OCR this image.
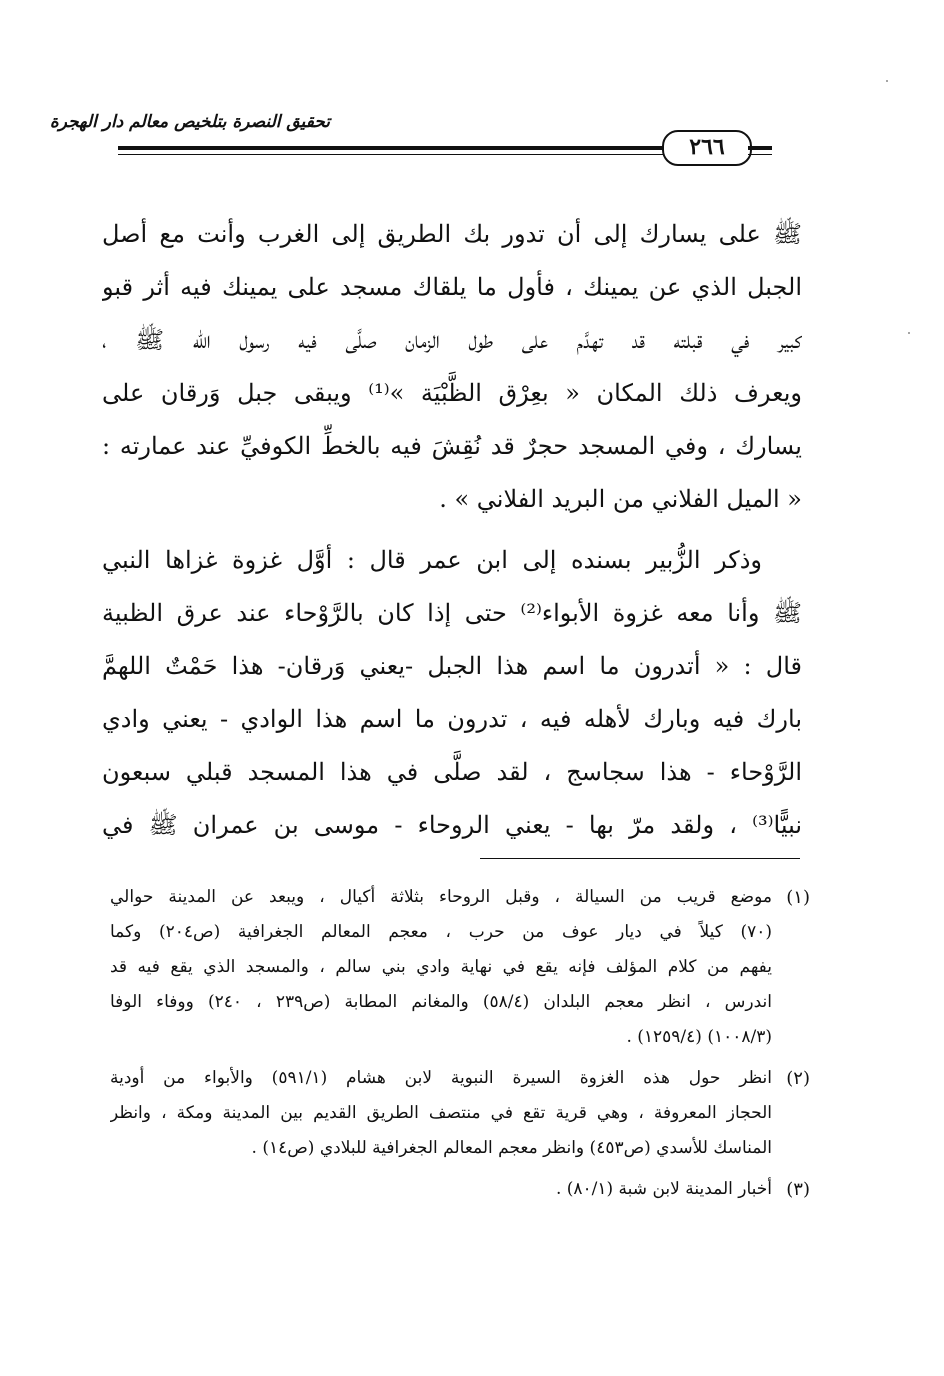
تحقيق النصرة بتلخيص معالم دار الهجرة
٢٦٦
ﷺ على يسارك إلى أن تدور بك الطريق إلى الغرب وأنت مع أصل
الجبل الذي عن يمينك ، فأول ما يلقاك مسجد على يمينك فيه أثر قبو
كبير في قبلته قد تهدَّم على طول الزمان صلَّى فيه رسول الله ﷺ ،
ويعرف ذلك المكان « بعِرْق الظَّبْيَة »⁽¹⁾ ويبقى جبل وَرقان على
يسارك ، وفي المسجد حجرٌ قد نُقِشَ فيه بالخطِّ الكوفيِّ عند عمارته :
« الميل الفلاني من البريد الفلاني » .
وذكر الزُّبير بسنده إلى ابن عمر قال : أوَّل غزوة غزاها النبي
ﷺ وأنا معه غزوة الأبواء⁽²⁾ حتى إذا كان بالرَّوْحاء عند عرق الظبية
قال : « أتدرون ما اسم هذا الجبل -يعني وَرقان- هذا حَمْتٌ اللهمَّ
بارك فيه وبارك لأهله فيه ، تدرون ما اسم هذا الوادي - يعني وادي
الرَّوْحاء - هذا سجاسج ، لقد صلَّى في هذا المسجد قبلي سبعون
نبيًّا⁽³⁾ ، ولقد مرّ بها - يعني الروحاء - موسى بن عمران ﷺ في
(١)
موضع قريب من السيالة ، وقبل الروحاء بثلاثة أكيال ، ويبعد عن المدينة حوالي
(٧٠) كيلاً في ديار عوف من حرب ، معجم المعالم الجغرافية (ص٢٠٤) وكما
يفهم من كلام المؤلف فإنه يقع في نهاية وادي بني سالم ، والمسجد الذي يقع فيه قد
اندرس ، انظر معجم البلدان (٥٨/٤) والمغانم المطابة (ص٢٣٩ ، ٢٤٠) ووفاء الوفا
(١٠٠٨/٣) (١٢٥٩/٤) .
(٢)
انظر حول هذه الغزوة السيرة النبوية لابن هشام (٥٩١/١) والأبواء من أودية
الحجاز المعروفة ، وهي قرية تقع في منتصف الطريق القديم بين المدينة ومكة ، وانظر
المناسك للأسدي (ص٤٥٣) وانظر معجم المعالم الجغرافية للبلادي (ص١٤) .
(٣)
أخبار المدينة لابن شبة (٨٠/١) .
